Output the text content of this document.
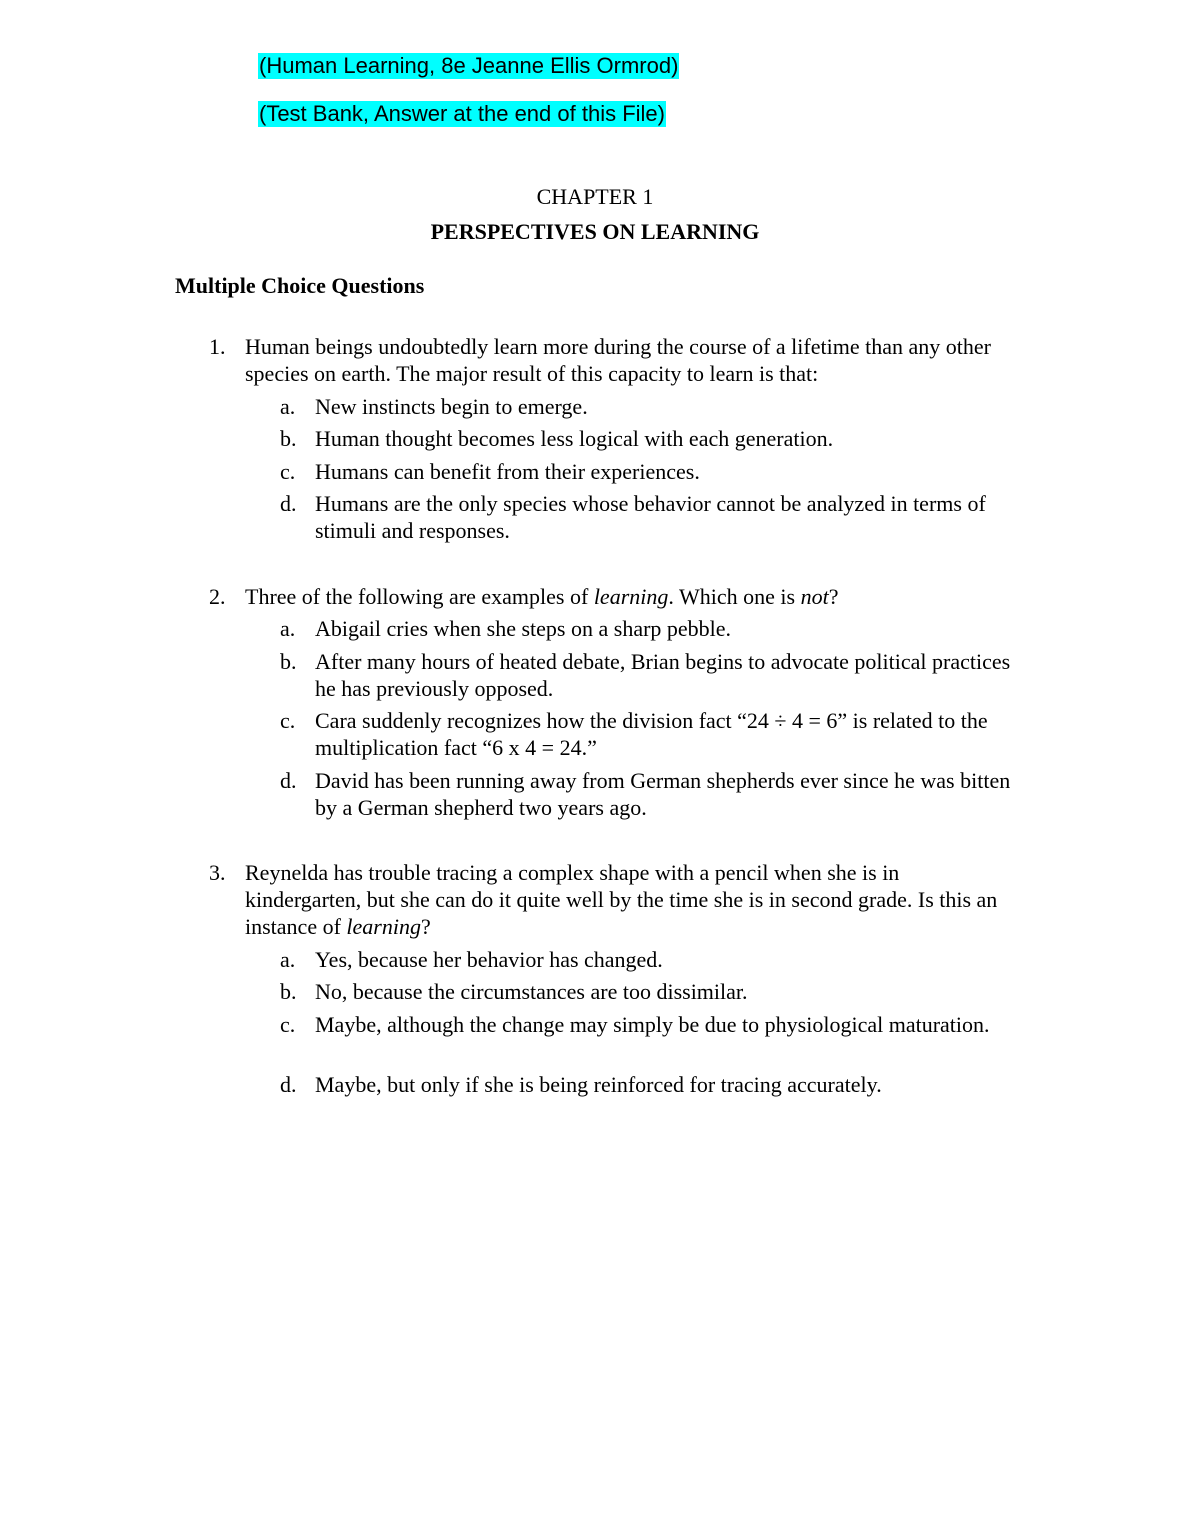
(Human Learning, 8e Jeanne Ellis Ormrod)
(Test Bank, Answer at the end of this File)
CHAPTER 1
PERSPECTIVES ON LEARNING
Multiple Choice Questions
1. Human beings undoubtedly learn more during the course of a lifetime than any other species on earth. The major result of this capacity to learn is that:
a. New instincts begin to emerge.
b. Human thought becomes less logical with each generation.
c. Humans can benefit from their experiences.
d. Humans are the only species whose behavior cannot be analyzed in terms of stimuli and responses.
2. Three of the following are examples of learning. Which one is not?
a. Abigail cries when she steps on a sharp pebble.
b. After many hours of heated debate, Brian begins to advocate political practices he has previously opposed.
c. Cara suddenly recognizes how the division fact “24 ÷ 4 = 6” is related to the multiplication fact “6 x 4 = 24.”
d. David has been running away from German shepherds ever since he was bitten by a German shepherd two years ago.
3. Reynelda has trouble tracing a complex shape with a pencil when she is in kindergarten, but she can do it quite well by the time she is in second grade. Is this an instance of learning?
a. Yes, because her behavior has changed.
b. No, because the circumstances are too dissimilar.
c. Maybe, although the change may simply be due to physiological maturation.
d. Maybe, but only if she is being reinforced for tracing accurately.
